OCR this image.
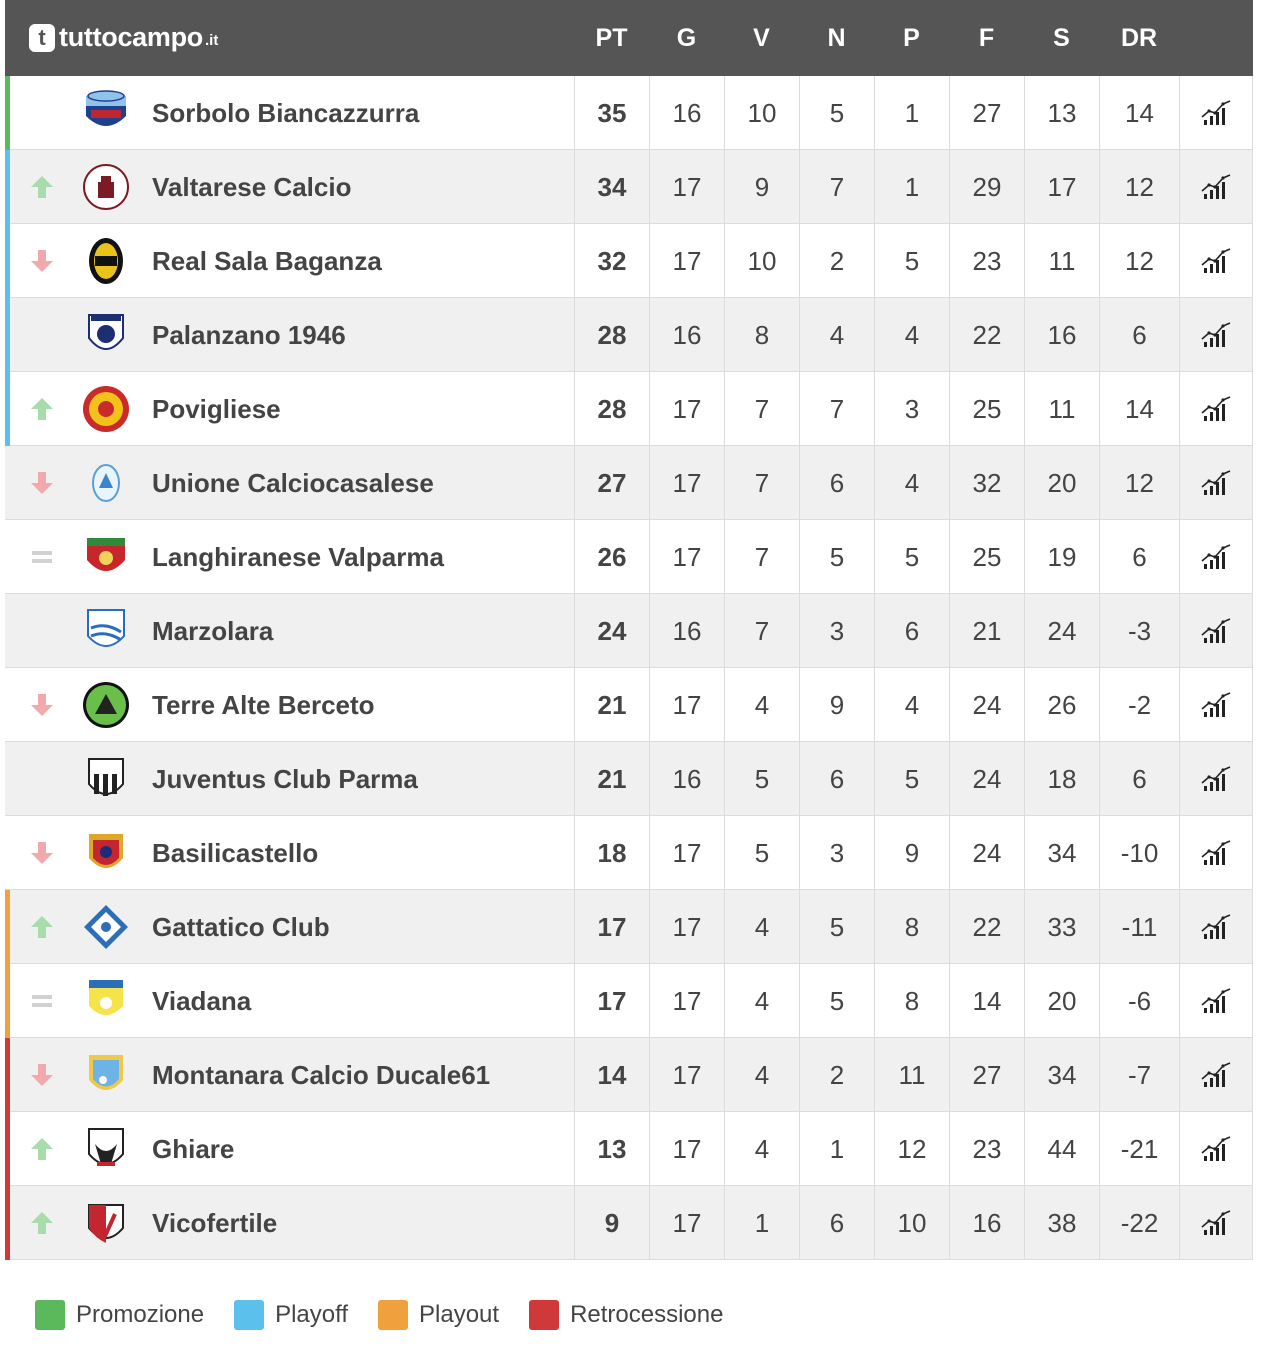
t tuttocampo .it	PT	G	V	N	P	F	S	DR
Sorbolo Biancazzurra	35	16	10	5	1	27	13	14
Valtarese Calcio	34	17	9	7	1	29	17	12
Real Sala Baganza	32	17	10	2	5	23	11	12
Palanzano 1946	28	16	8	4	4	22	16	6
Povigliese	28	17	7	7	3	25	11	14
Unione Calciocasalese	27	17	7	6	4	32	20	12
Langhiranese Valparma	26	17	7	5	5	25	19	6
Marzolara	24	16	7	3	6	21	24	-3
Terre Alte Berceto	21	17	4	9	4	24	26	-2
Juventus Club Parma	21	16	5	6	5	24	18	6
Basilicastello	18	17	5	3	9	24	34	-10
Gattatico Club	17	17	4	5	8	22	33	-11
Viadana	17	17	4	5	8	14	20	-6
Montanara Calcio Ducale61	14	17	4	2	11	27	34	-7
Ghiare	13	17	4	1	12	23	44	-21
Vicofertile	9	17	1	6	10	16	38	-22
Promozione	Playoff	Playout	Retrocessione
